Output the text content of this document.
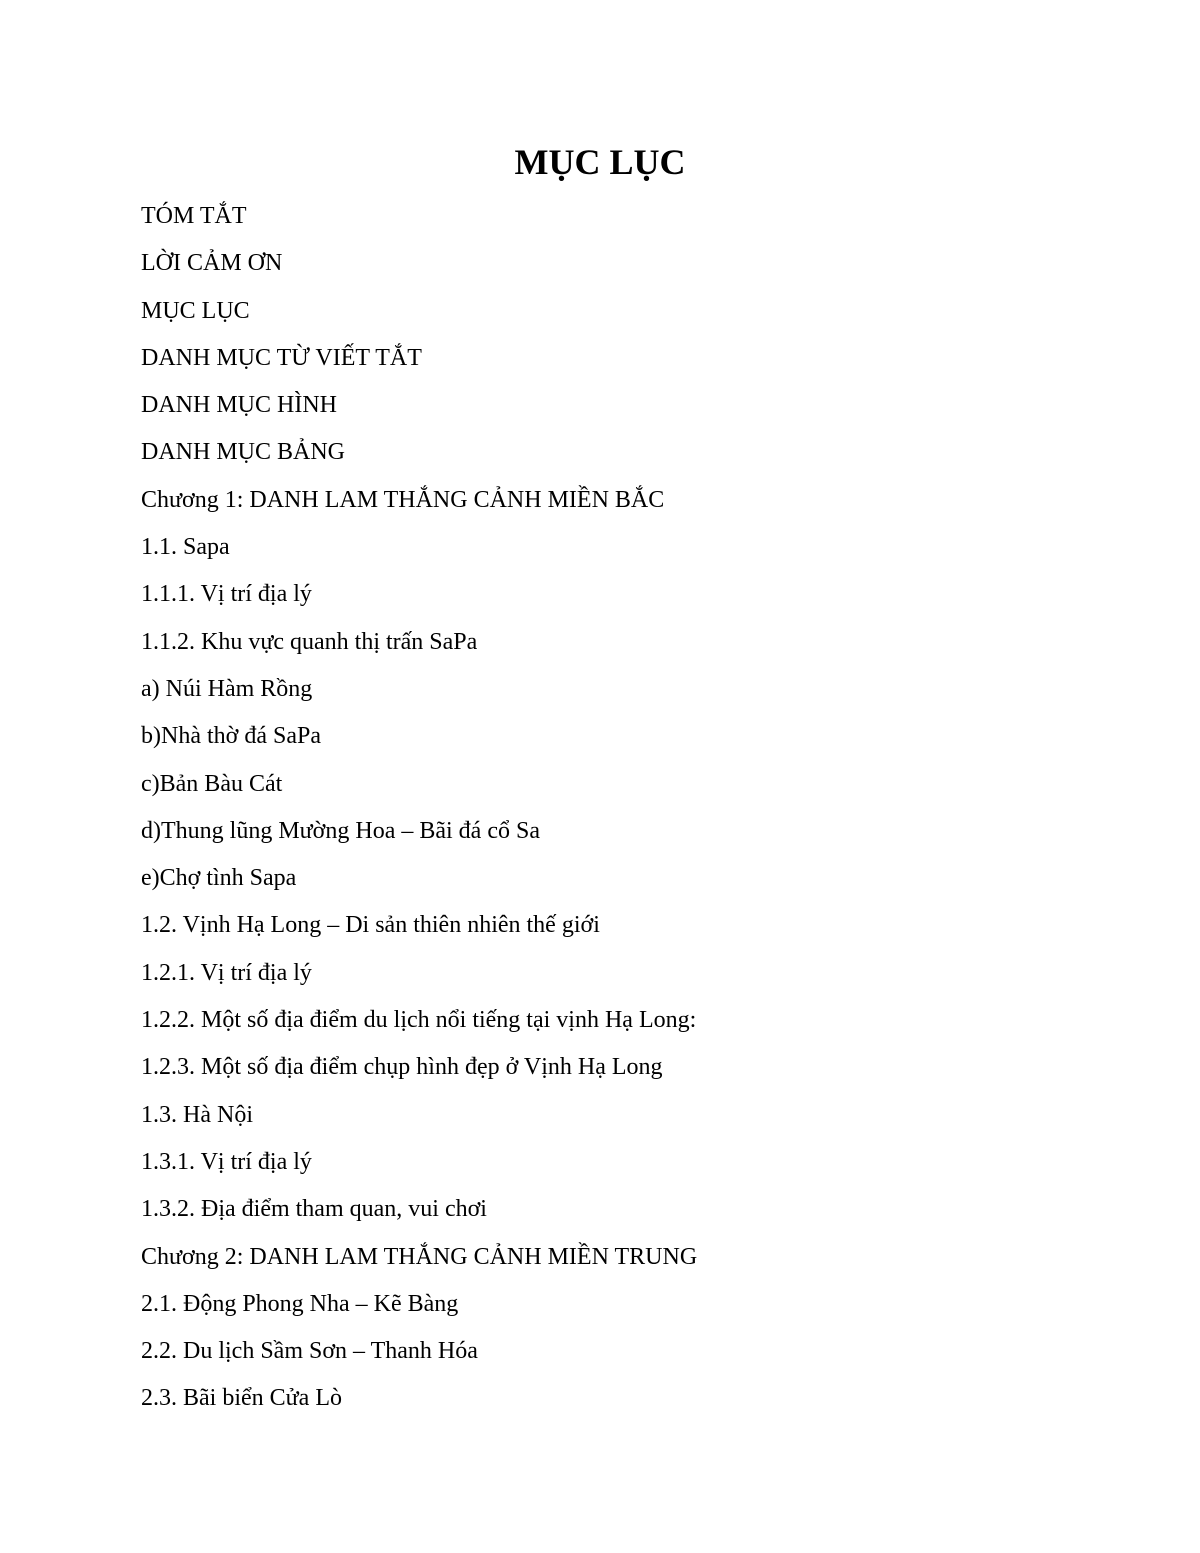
MỤC LỤC
TÓM TẮT
LỜI CẢM ƠN
MỤC LỤC
DANH MỤC TỪ VIẾT TẮT
DANH MỤC HÌNH
DANH MỤC BẢNG
Chương 1: DANH LAM THẮNG CẢNH MIỀN BẮC
1.1. Sapa
1.1.1. Vị trí địa lý
1.1.2. Khu vực quanh thị trấn SaPa
a) Núi Hàm Rồng
b)Nhà thờ đá SaPa
c)Bản Bàu Cát
d)Thung lũng Mường Hoa – Bãi đá cổ Sa
e)Chợ tình Sapa
1.2. Vịnh Hạ Long – Di sản thiên nhiên thế giới
1.2.1. Vị trí địa lý
1.2.2. Một số địa điểm du lịch nổi tiếng tại vịnh Hạ Long:
1.2.3. Một số địa điểm chụp hình đẹp ở Vịnh Hạ Long
1.3. Hà Nội
1.3.1. Vị trí địa lý
1.3.2. Địa điểm tham quan, vui chơi
Chương 2: DANH LAM THẮNG CẢNH MIỀN TRUNG
2.1. Động Phong Nha – Kẽ Bàng
2.2. Du lịch Sầm Sơn – Thanh Hóa
2.3. Bãi biển Cửa Lò
